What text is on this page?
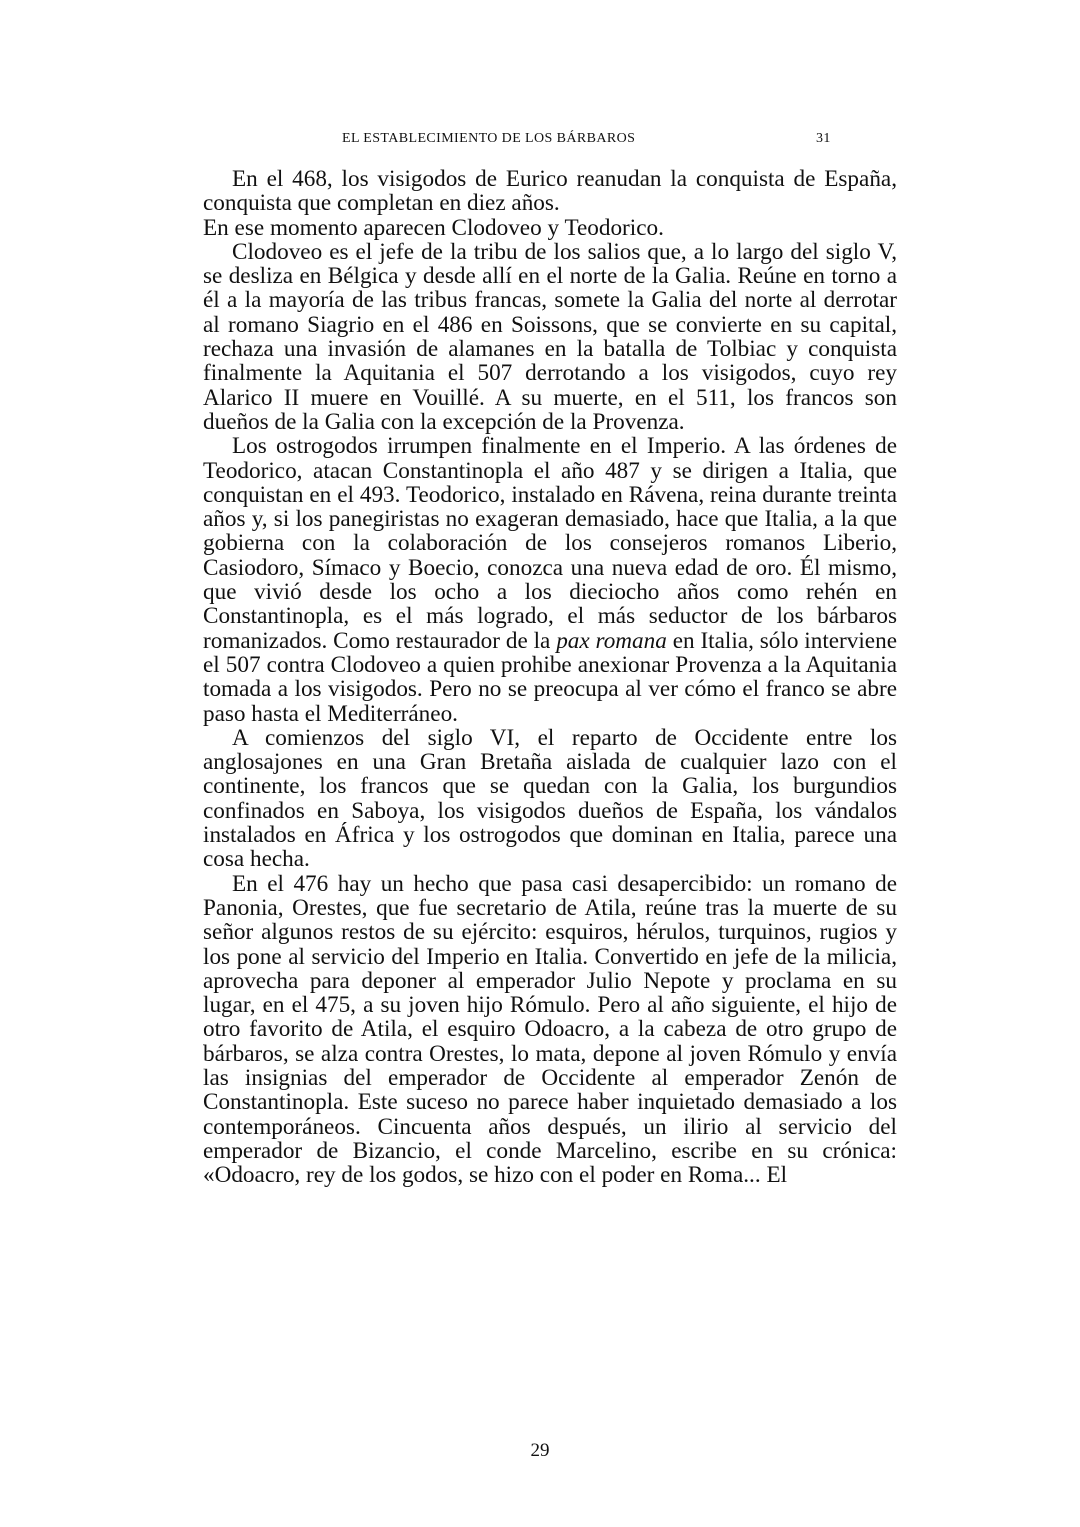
EL ESTABLECIMIENTO DE LOS BÁRBAROS	31

En el 468, los visigodos de Eurico reanudan la conquista de España, conquista que completan en diez años.

En ese momento aparecen Clodoveo y Teodorico.

Clodoveo es el jefe de la tribu de los salios que, a lo largo del siglo V, se desliza en Bélgica y desde allí en el norte de la Galia. Reúne en torno a él a la mayoría de las tribus francas, somete la Galia del norte al derrotar al romano Siagrio en el 486 en Soissons, que se convierte en su capital, rechaza una invasión de alamanes en la batalla de Tolbiac y conquista finalmente la Aquitania el 507 derrotando a los visigodos, cuyo rey Alarico II muere en Vouillé. A su muerte, en el 511, los francos son dueños de la Galia con la excepción de la Provenza.

Los ostrogodos irrumpen finalmente en el Imperio. A las órdenes de Teodorico, atacan Constantinopla el año 487 y se dirigen a Italia, que conquistan en el 493. Teodorico, instalado en Rávena, reina durante treinta años y, si los panegiristas no exageran demasiado, hace que Italia, a la que gobierna con la colaboración de los consejeros romanos Liberio, Casiodoro, Símaco y Boecio, conozca una nueva edad de oro. Él mismo, que vivió desde los ocho a los dieciocho años como rehén en Constantinopla, es el más logrado, el más seductor de los bárbaros romanizados. Como restaurador de la pax romana en Italia, sólo interviene el 507 contra Clodoveo a quien prohibe anexionar Provenza a la Aquitania tomada a los visigodos. Pero no se preocupa al ver cómo el franco se abre paso hasta el Mediterráneo.

A comienzos del siglo VI, el reparto de Occidente entre los anglosajones en una Gran Bretaña aislada de cualquier lazo con el continente, los francos que se quedan con la Galia, los burgundios confinados en Saboya, los visigodos dueños de España, los vándalos instalados en África y los ostrogodos que dominan en Italia, parece una cosa hecha.

En el 476 hay un hecho que pasa casi desapercibido: un romano de Panonia, Orestes, que fue secretario de Atila, reúne tras la muerte de su señor algunos restos de su ejército: esquiros, hérulos, turquinos, rugios y los pone al servicio del Imperio en Italia. Convertido en jefe de la milicia, aprovecha para deponer al emperador Julio Nepote y proclama en su lugar, en el 475, a su joven hijo Rómulo. Pero al año siguiente, el hijo de otro favorito de Atila, el esquiro Odoacro, a la cabeza de otro grupo de bárbaros, se alza contra Orestes, lo mata, depone al joven Rómulo y envía las insignias del emperador de Occidente al emperador Zenón de Constantinopla. Este suceso no parece haber inquietado demasiado a los contemporáneos. Cincuenta años después, un ilirio al servicio del emperador de Bizancio, el conde Marcelino, escribe en su crónica: «Odoacro, rey de los godos, se hizo con el poder en Roma... El

29
